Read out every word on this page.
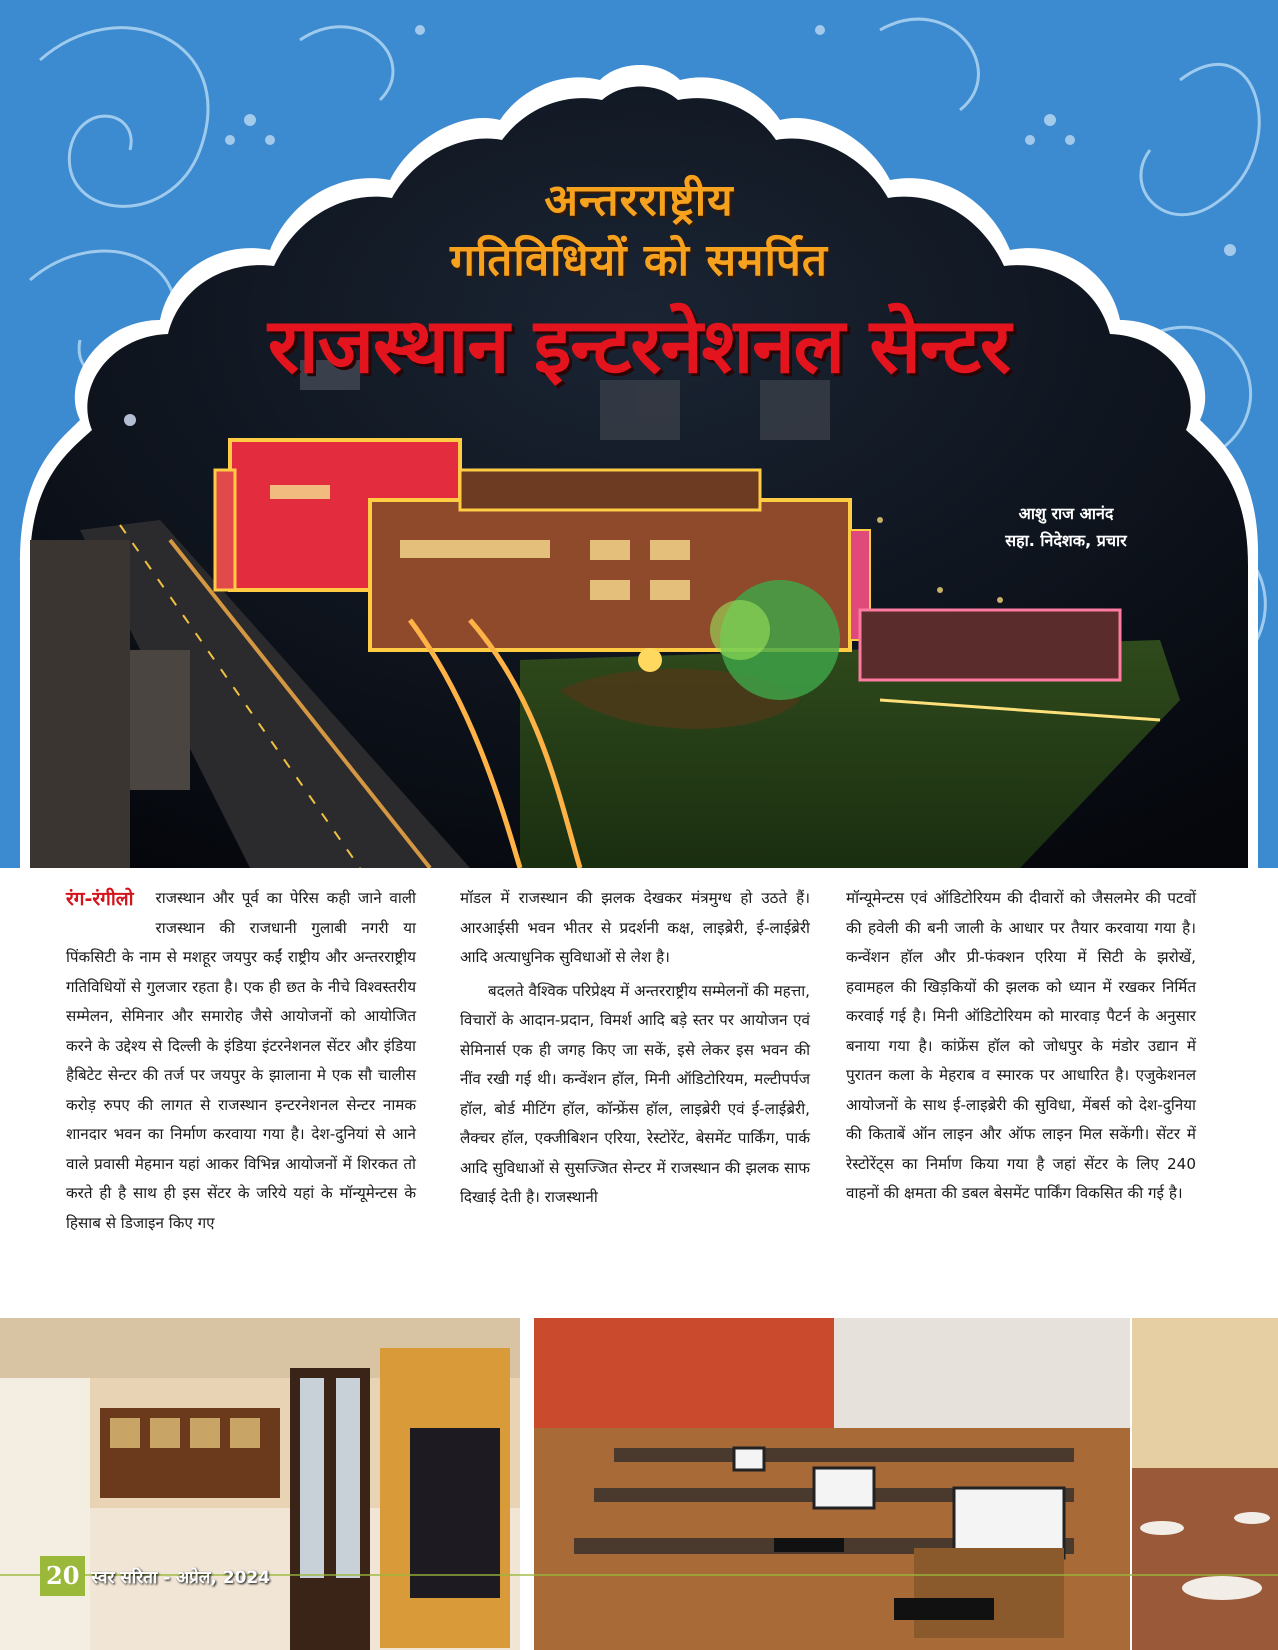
अन्तरराष्ट्रीय
गतिविधियों को समर्पित
राजस्थान इन्टरनेशनल सेन्टर
आशु राज आनंद
सहा. निदेशक, प्रचार

रंग-रंगीलो राजस्थान और पूर्व का पेरिस कही जाने वाली राजस्थान की राजधानी गुलाबी नगरी या पिंकसिटी के नाम से मशहूर जयपुर कईं राष्ट्रीय और अन्तरराष्ट्रीय गतिविधियों से गुलजार रहता है। एक ही छत के नीचे विश्वस्तरीय सम्मेलन, सेमिनार और समारोह जैसे आयोजनों को आयोजित करने के उद्देश्य से दिल्ली के इंडिया इंटरनेशनल सेंटर और इंडिया हैबिटेट सेन्टर की तर्ज पर जयपुर के झालाना मे एक सौ चालीस करोड़ रुपए की लागत से राजस्थान इन्टरनेशनल सेन्टर नामक शानदार भवन का निर्माण करवाया गया है। देश-दुनियां से आने वाले प्रवासी मेहमान यहां आकर विभिन्न आयोजनों में शिरकत तो करते ही है साथ ही इस सेंटर के जरिये यहां के मॉन्यूमेन्टस के हिसाब से डिजाइन किए गए

मॉडल में राजस्थान की झलक देखकर मंत्रमुग्ध हो उठते हैं। आरआईसी भवन भीतर से प्रदर्शनी कक्ष, लाइब्रेरी, ई-लाईब्रेरी आदि अत्याधुनिक सुविधाओं से लेश है।

बदलते वैश्विक परिप्रेक्ष्य में अन्तरराष्ट्रीय सम्मेलनों की महत्ता, विचारों के आदान-प्रदान, विमर्श आदि बड़े स्तर पर आयोजन एवं सेमिनार्स एक ही जगह किए जा सकें, इसे लेकर इस भवन की नींव रखी गई थी। कन्वेंशन हॉल, मिनी ऑडिटोरियम, मल्टीपर्पज हॉल, बोर्ड मीटिंग हॉल, कॉन्फ्रेंस हॉल, लाइब्रेरी एवं ई-लाईब्रेरी, लैक्चर हॉल, एक्जीबिशन एरिया, रेस्टोरेंट, बेसमेंट पार्किंग, पार्क आदि सुविधाओं से सुसज्जित सेन्टर में राजस्थान की झलक साफ दिखाई देती है। राजस्थानी

मॉन्यूमेन्टस एवं ऑडिटोरियम की दीवारों को जैसलमेर की पटवों की हवेली की बनी जाली के आधार पर तैयार करवाया गया है। कन्वेंशन हॉल और प्री-फंक्शन एरिया में सिटी के झरोखें, हवामहल की खिड़कियों की झलक को ध्यान में रखकर निर्मित करवाई गई है। मिनी ऑडिटोरियम को मारवाड़ पैटर्न के अनुसार बनाया गया है। कांफ्रेंस हॉल को जोधपुर के मंडोर उद्यान में पुरातन कला के मेहराब व स्मारक पर आधारित है। एजुकेशनल आयोजनों के साथ ई-लाइब्रेरी की सुविधा, मेंबर्स को देश-दुनिया की किताबें ऑन लाइन और ऑफ लाइन मिल सकेंगी। सेंटर में रेस्टोरेंट्स का निर्माण किया गया है जहां सेंटर के लिए 240 वाहनों की क्षमता की डबल बेसमेंट पार्किंग विकसित की गई है।

20 स्वर सरिता - अप्रेल, 2024
